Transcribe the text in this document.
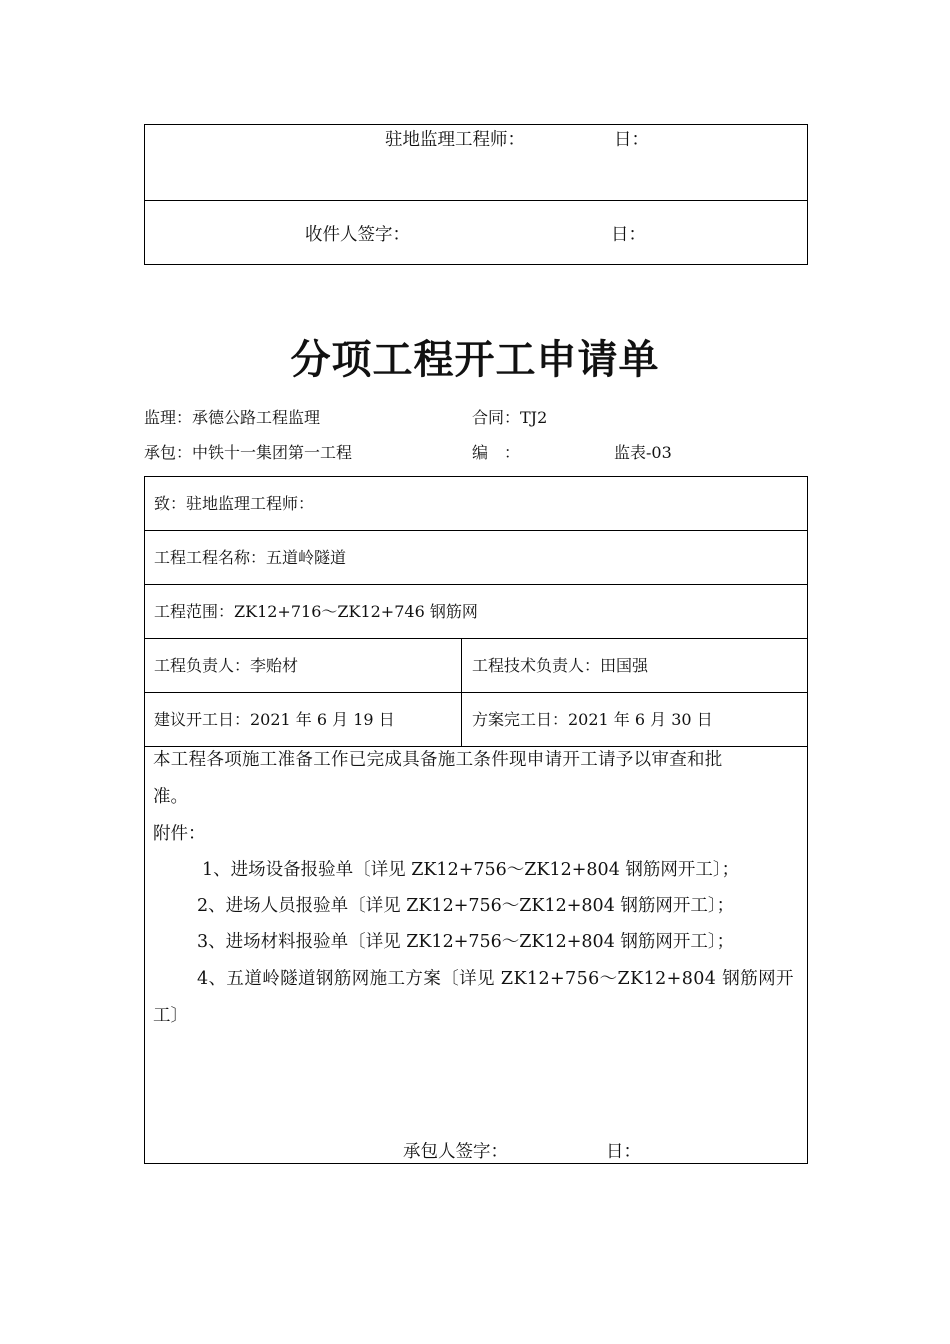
驻地监理工程师：	日：
收件人签字：	日：
分项工程开工申请单
监理：承德公路工程监理	合同：TJ2
承包：中铁十一集团第一工程	编　：	监表-03
致：驻地监理工程师：
工程工程名称：五道岭隧道
工程范围：ZK12+716～ZK12+746 钢筋网
工程负责人：李贻材	工程技术负责人：田国强
建议开工日：2021 年 6 月 19 日	方案完工日：2021 年 6 月 30 日
本工程各项施工准备工作已完成具备施工条件现申请开工请予以审查和批
准。
附件：
1、进场设备报验单〔详见 ZK12+756～ZK12+804 钢筋网开工〕；
2、进场人员报验单〔详见 ZK12+756～ZK12+804 钢筋网开工〕；
3、进场材料报验单〔详见 ZK12+756～ZK12+804 钢筋网开工〕；
4、五道岭隧道钢筋网施工方案〔详见 ZK12+756～ZK12+804 钢筋网开
工〕
承包人签字：	日：
